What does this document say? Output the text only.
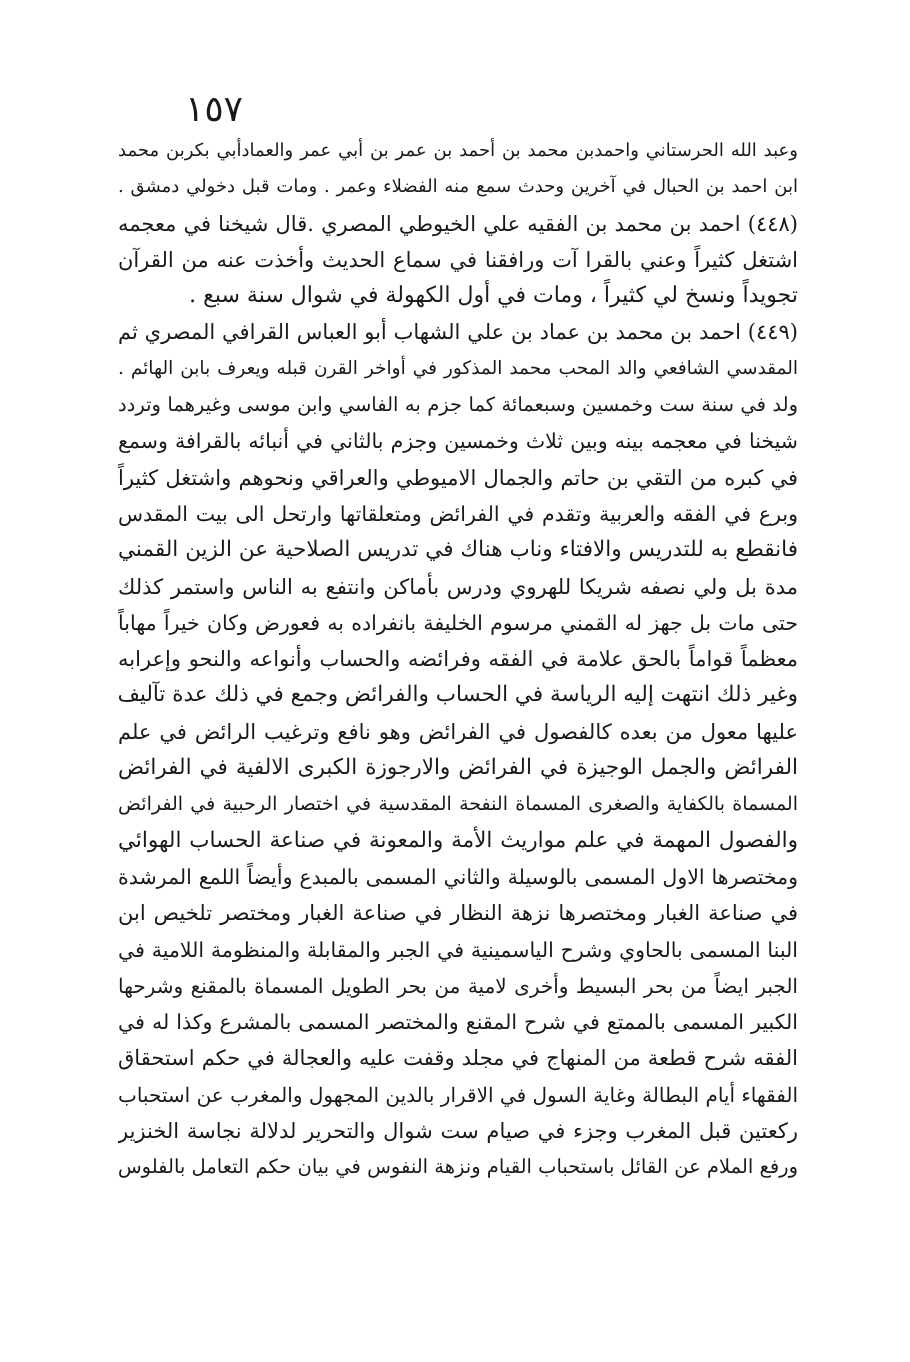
١٥٧
وعبد الله الحرستاني واحمدبن محمد بن أحمد بن عمر بن أبي عمر والعمادأبي بكربن محمد
ابن احمد بن الحبال في آخرين وحدث سمع منه الفضلاء وعمر . ومات قبل دخولي دمشق .
(٤٤٨) احمد بن محمد بن الفقيه علي الخيوطي المصري .قال شيخنا في معجمه
اشتغل كثيراً وعني بالقرا آت ورافقنا في سماع الحديث وأخذت عنه من القرآن
تجويداً ونسخ لي كثيراً ، ومات في أول الكهولة في شوال سنة سبع .
(٤٤٩) احمد بن محمد بن عماد بن علي الشهاب أبو العباس القرافي المصري ثم
المقدسي الشافعي والد المحب محمد المذكور في أواخر القرن قبله ويعرف بابن الهائم .
ولد في سنة ست وخمسين وسبعمائة كما جزم به الفاسي وابن موسى وغيرهما وتردد
شيخنا في معجمه بينه وبين ثلاث وخمسين وجزم بالثاني في أنبائه بالقرافة وسمع
في كبره من التقي بن حاتم والجمال الاميوطي والعراقي ونحوهم واشتغل كثيراً
وبرع في الفقه والعربية وتقدم في الفرائض ومتعلقاتها وارتحل الى بيت المقدس
فانقطع به للتدريس والافتاء وناب هناك في تدريس الصلاحية عن الزين القمني
مدة بل ولي نصفه شريكا للهروي ودرس بأماكن وانتفع به الناس واستمر كذلك
حتى مات بل جهز له القمني مرسوم الخليفة بانفراده به فعورض وكان خيراً مهاباً
معظماً قواماً بالحق علامة في الفقه وفرائضه والحساب وأنواعه والنحو وإعرابه
وغير ذلك انتهت إليه الرياسة في الحساب والفرائض وجمع في ذلك عدة تآليف
عليها معول من بعده كالفصول في الفرائض وهو نافع وترغيب الرائض في علم
الفرائض والجمل الوجيزة في الفرائض والارجوزة الكبرى الالفية في الفرائض
المسماة بالكفاية والصغرى المسماة النفحة المقدسية في اختصار الرحبية في الفرائض
والفصول المهمة في علم مواريث الأمة والمعونة في صناعة الحساب الهوائي
ومختصرها الاول المسمى بالوسيلة والثاني المسمى بالمبدع وأيضاً اللمع المرشدة
في صناعة الغبار ومختصرها نزهة النظار في صناعة الغبار ومختصر تلخيص ابن
البنا المسمى بالحاوي وشرح الياسمينية في الجبر والمقابلة والمنظومة اللامية في
الجبر ايضاً من بحر البسيط وأخرى لامية من بحر الطويل المسماة بالمقنع وشرحها
الكبير المسمى بالممتع في شرح المقنع والمختصر المسمى بالمشرع وكذا له في
الفقه شرح قطعة من المنهاج في مجلد وقفت عليه والعجالة في حكم استحقاق
الفقهاء أيام البطالة وغاية السول في الاقرار بالدين المجهول والمغرب عن استحباب
ركعتين قبل المغرب وجزء في صيام ست شوال والتحرير لدلالة نجاسة الخنزير
ورفع الملام عن القائل باستحباب القيام ونزهة النفوس في بيان حكم التعامل بالفلوس
